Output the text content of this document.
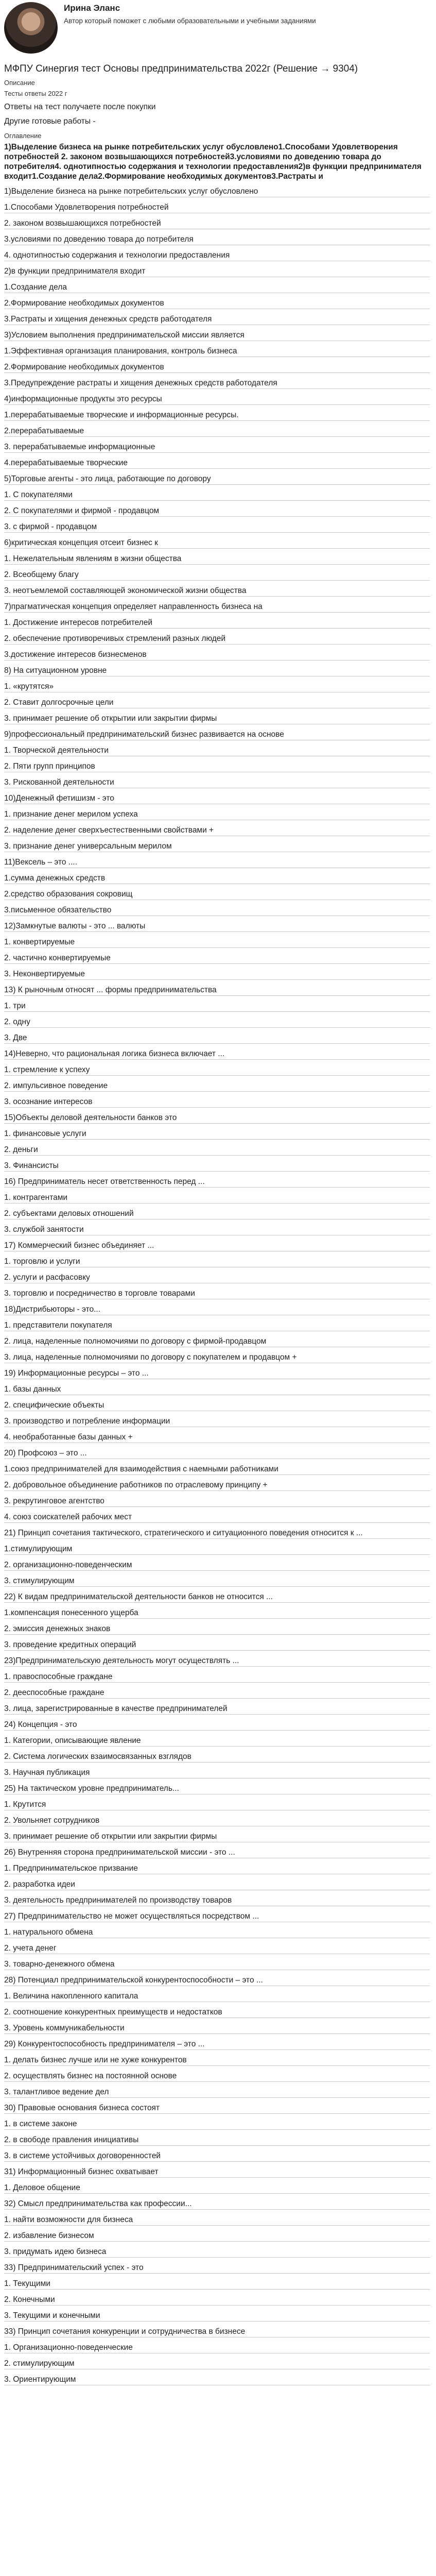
Ирина Эланс
Автор который поможет с любыми образовательными и учебными заданиями
МФПУ Синергия тест Основы предпринимательства 2022г (Решение → 9304)
Описание
Тесты ответы 2022 г

Ответы на тест получаете после покупки

Другие готовые работы -

Оглавление
1)Выделение бизнеса на рынке потребительских услуг обусловлено1.Способами Удовлетворения потребностей 2. законом возвышающихся потребностей3.условиями по доведению товара до потребителя4. однотипностью содержания и технологии предоставления2)в функции предпринимателя входит1.Создание дела2.Формирование необходимых документов3.Растраты и
1)Выделение бизнеса на рынке потребительских услуг обусловлено
1.Способами Удовлетворения потребностей
2. законом возвышающихся потребностей
3.условиями по доведению товара до потребителя
4. однотипностью содержания и технологии предоставления
2)в функции предпринимателя входит
1.Создание дела
2.Формирование необходимых документов
3.Растраты и хищения денежных средств работодателя
3)Условием выполнения предпринимательской миссии является
1.Эффективная организация планирования, контроль бизнеса
2.Формирование необходимых документов
3.Предупреждение растраты и хищения денежных средств работодателя
4)информационные продукты это ресурсы
1.перерабатываемые творческие и информационные ресурсы.
2.перерабатываемые
3. перерабатываемые информационные
4.перерабатываемые творческие
5)Торговые агенты - это лица, работающие по договору
1. С покупателями
2. С покупателями и фирмой - продавцом
3. с фирмой - продавцом
6)критическая концепция отсеит бизнес к
1. Нежелательным явлениям в жизни общества
2. Всеобщему благу
3. неотъемлемой составляющей экономической жизни общества
7)прагматическая концепция определяет направленность бизнеса на
1. Достижение интересов потребителей
2. обеспечение противоречивых стремлений разных людей
3.достижение интересов бизнесменов
8) На ситуационном уровне
1. «крутятся»
2. Ставит долгосрочные цели
3. принимает решение об открытии или закрытии фирмы
9)профессиональный предпринимательский бизнес развивается на основе
1. Творческой деятельности
2. Пяти групп принципов
3. Рискованной деятельности
10)Денежный фетишизм - это
1. признание денег мерилом успеха
2. наделение денег сверхъестественными свойствами +
3. признание денег универсальным мерилом
11)Вексель – это ....
1.сумма денежных средств
2.средство образования сокровищ
3.письменное обязательство
12)Замкнутые валюты - это ... валюты
1. конвертируемые
2. частично конвертируемые
3. Неконвертируемые
13) К рыночным относят ... формы предпринимательства
1. три
2. одну
3. Две
14)Неверно, что рациональная логика бизнеса включает ...
1. стремление к успеху
2. импульсивное поведение
3. осознание интересов
15)Объекты деловой деятельности банков это
1. финансовые услуги
2. деньги
3. Финансисты
16) Предприниматель несет ответственность перед ...
1. контрагентами
2. субъектами деловых отношений
3. службой занятости
17) Коммерческий бизнес объединяет ...
1. торговлю и услуги
2. услуги и расфасовку
3. торговлю и посредничество в торговле товарами
18)Дистрибьюторы - это...
1. представители покупателя
2. лица, наделенные полномочиями по договору с фирмой-продавцом
3. лица, наделенные полномочиями по договору с покупателем и продавцом +
19) Информационные ресурсы – это ...
1. базы данных
2. специфические объекты
3. производство и потребление информации
4. необработанные базы данных +
20) Профсоюз – это ...
1.союз предпринимателей для взаимодействия с наемными работниками
2. добровольное объединение работников по отраслевому принципу +
3. рекрутинговое агентство
4. союз соискателей рабочих мест
21) Принцип сочетания тактического, стратегического и ситуационного поведения относится к ...
1.стимулирующим
2. организационно-поведенческим
3. стимулирующим
22) К видам предпринимательской деятельности банков не относится ...
1.компенсация понесенного ущерба
2. эмиссия денежных знаков
3. проведение кредитных операций
23)Предпринимательскую деятельность могут осуществлять ...
1. правоспособные граждане
2. дееспособные граждане
3. лица, зарегистрированные в качестве предпринимателей
24) Концепция - это
1. Категории, описывающие явление
2. Система логических взаимосвязанных взглядов
3. Научная публикация
25) На тактическом уровне предприниматель...
1. Крутится
2. Увольняет сотрудников
3. принимает решение об открытии или закрытии фирмы
26) Внутренняя сторона предпринимательской миссии - это ...
1. Предпринимательское призвание
2. разработка идеи
3. деятельность предпринимателей по производству товаров
27) Предпринимательство не может осуществляться посредством ...
1. натурального обмена
2. учета денег
3. товарно-денежного обмена
28) Потенциал предпринимательской конкурентоспособности – это ...
1. Величина накопленного капитала
2. соотношение конкурентных преимуществ и недостатков
3. Уровень коммуникабельности
29) Конкурентоспособность предпринимателя – это ...
1. делать бизнес лучше или не хуже конкурентов
2. осуществлять бизнес на постоянной основе
3. талантливое ведение дел
30) Правовые основания бизнеса состоят
1. в системе законе
2. в свободе правления инициативы
3. в системе устойчивых договоренностей
31) Информационный бизнес охватывает
1. Деловое общение
32) Смысл предпринимательства как профессии...
1. найти возможности для бизнеса
2. избавление бизнесом
3. придумать идею бизнеса
33) Предпринимательский успех - это
1. Текущими
2. Конечными
3. Текущими и конечными
33) Принцип сочетания конкуренции и сотрудничества в бизнесе
1. Организационно-поведенческие
2. стимулирующим
3. Ориентирующим
